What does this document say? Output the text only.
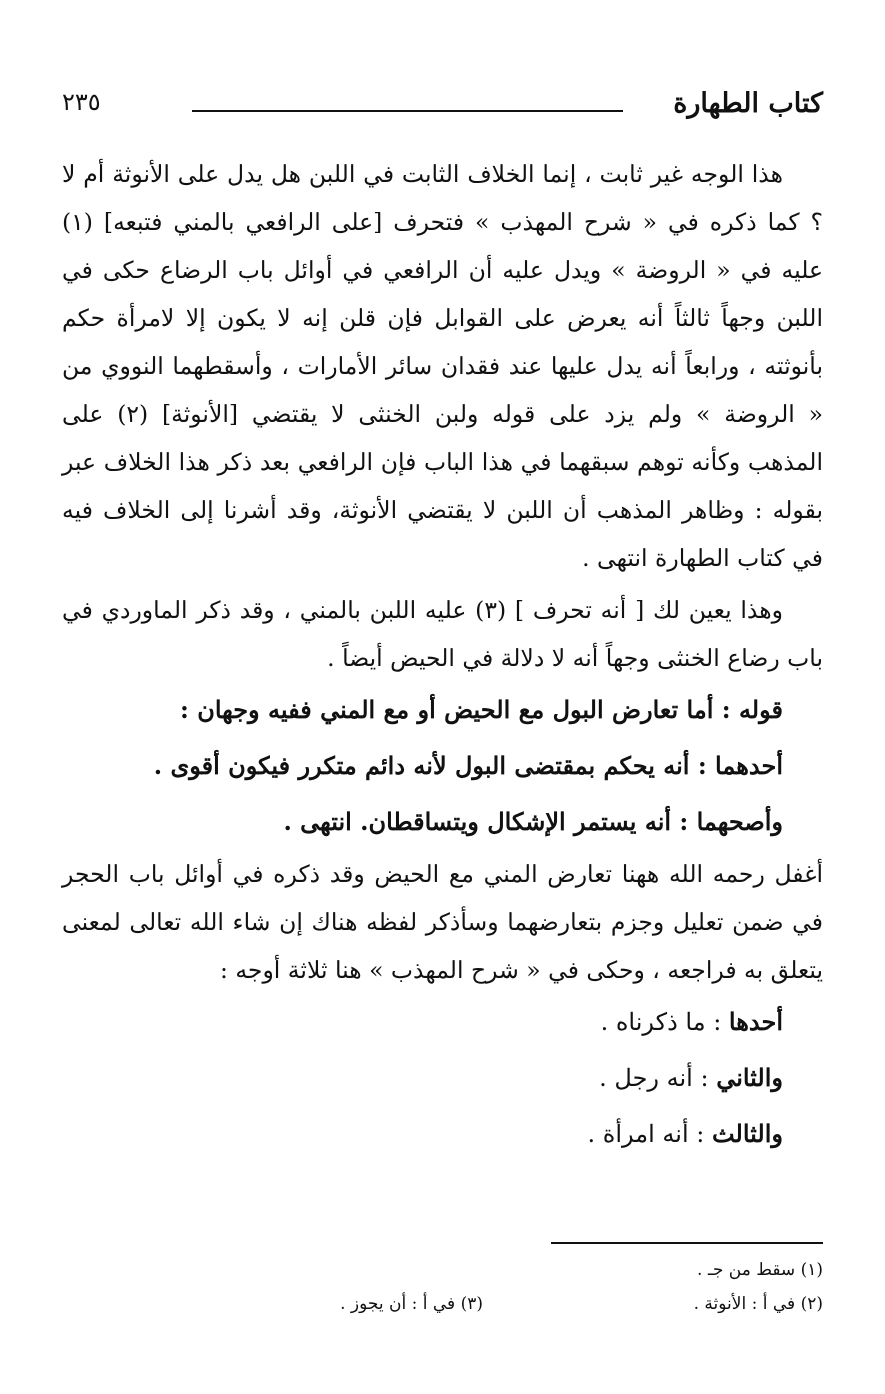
كتاب الطهارة
٢٣٥

هذا الوجه غير ثابت ، إنما الخلاف الثابت في اللبن هل يدل على الأنوثة أم لا ؟ كما ذكره في « شرح المهذب » فتحرف [على الرافعي بالمني فتبعه] (١) عليه في « الروضة » ويدل عليه أن الرافعي في أوائل باب الرضاع حكى في اللبن وجهاً ثالثاً أنه يعرض على القوابل فإن قلن إنه لا يكون إلا لامرأة حكم بأنوثته ، ورابعاً أنه يدل عليها عند فقدان سائر الأمارات ، وأسقطهما النووي من « الروضة » ولم يزد على قوله ولبن الخنثى لا يقتضي [الأنوثة] (٢) على المذهب وكأنه توهم سبقهما في هذا الباب فإن الرافعي بعد ذكر هذا الخلاف عبر بقوله : وظاهر المذهب أن اللبن لا يقتضي الأنوثة، وقد أشرنا إلى الخلاف فيه في كتاب الطهارة انتهى .

وهذا يعين لك [ أنه تحرف ] (٣) عليه اللبن بالمني ، وقد ذكر الماوردي في باب رضاع الخنثى وجهاً أنه لا دلالة في الحيض أيضاً .

قوله : أما تعارض البول مع الحيض أو مع المني ففيه وجهان :

أحدهما : أنه يحكم بمقتضى البول لأنه دائم متكرر فيكون أقوى .

وأصحهما : أنه يستمر الإشكال ويتساقطان. انتهى .

أغفل رحمه الله ههنا تعارض المني مع الحيض وقد ذكره في أوائل باب الحجر في ضمن تعليل وجزم بتعارضهما وسأذكر لفظه هناك إن شاء الله تعالى لمعنى يتعلق به فراجعه ، وحكى في « شرح المهذب » هنا ثلاثة أوجه :

أحدها : ما ذكرناه .

والثاني : أنه رجل .

والثالث : أنه امرأة .

(١) سقط من جـ .
(٢) في أ : الأنوثة .
(٣) في أ : أن يجوز .
